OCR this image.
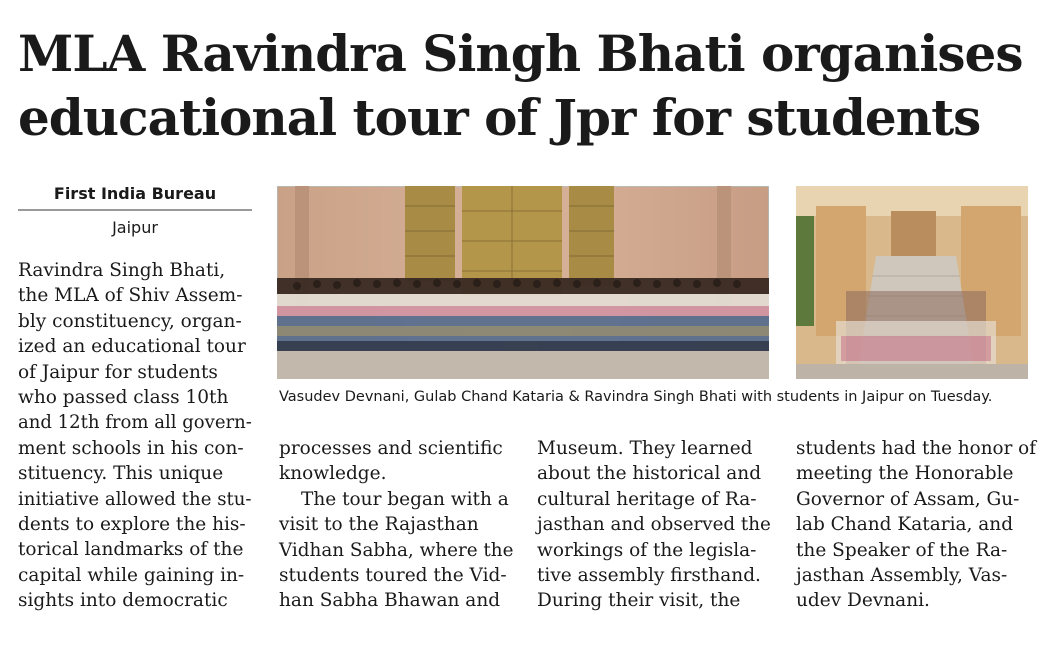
MLA Ravindra Singh Bhati organises
educational tour of Jpr for students
First India Bureau
Jaipur
Ravindra Singh Bhati,
the MLA of Shiv Assem-
bly constituency, organ-
ized an educational tour
of Jaipur for students
who passed class 10th
and 12th from all govern-
ment schools in his con-
stituency. This unique
initiative allowed the stu-
dents to explore the his-
torical landmarks of the
capital while gaining in-
sights into democratic
Vasudev Devnani, Gulab Chand Kataria & Ravindra Singh Bhati with students in Jaipur on Tuesday.
processes and scientific
knowledge.
The tour began with a
visit to the Rajasthan
Vidhan Sabha, where the
students toured the Vid-
han Sabha Bhawan and
Museum. They learned
about the historical and
cultural heritage of Ra-
jasthan and observed the
workings of the legisla-
tive assembly firsthand.
During their visit, the
students had the honor of
meeting the Honorable
Governor of Assam, Gu-
lab Chand Kataria, and
the Speaker of the Ra-
jasthan Assembly, Vas-
udev Devnani.
